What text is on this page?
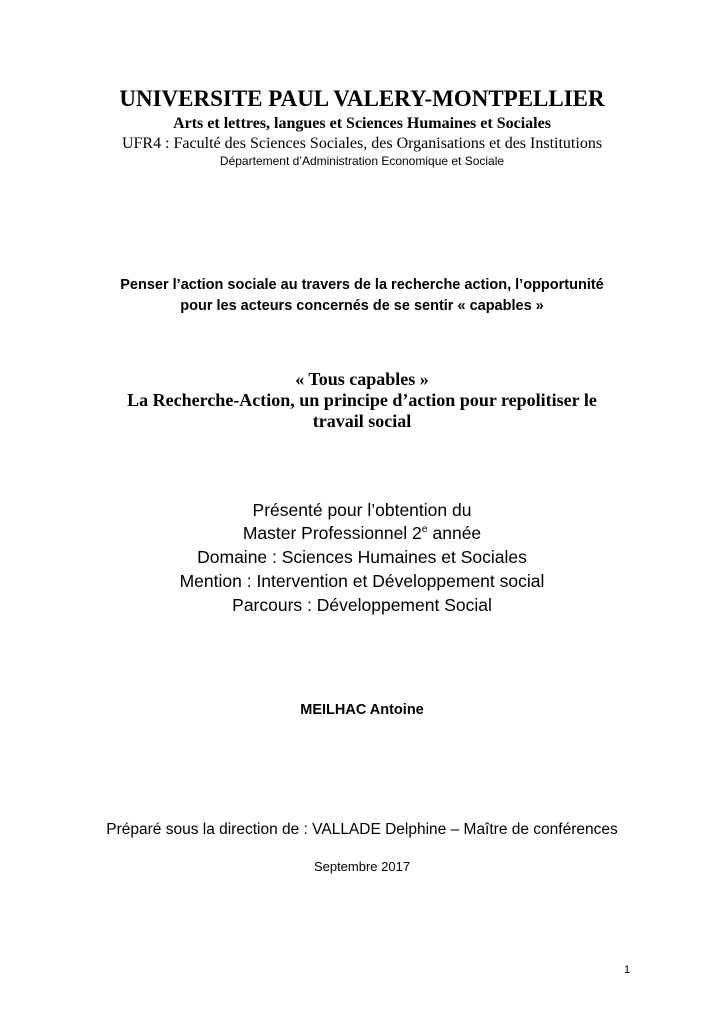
UNIVERSITE PAUL VALERY-MONTPELLIER
Arts et lettres, langues et Sciences Humaines et Sociales
UFR4 : Faculté des Sciences Sociales, des Organisations et des Institutions
Département d’Administration Economique et Sociale
Penser l’action sociale au travers de la recherche action, l’opportunité
pour les acteurs concernés de se sentir « capables »
« Tous capables »
La Recherche-Action, un principe d’action pour repolitiser le
travail social
Présenté pour l’obtention du
Master Professionnel 2e année
Domaine : Sciences Humaines et Sociales
Mention : Intervention et Développement social
Parcours : Développement Social
MEILHAC Antoine
Préparé sous la direction de : VALLADE Delphine – Maître de conférences
Septembre 2017
1
